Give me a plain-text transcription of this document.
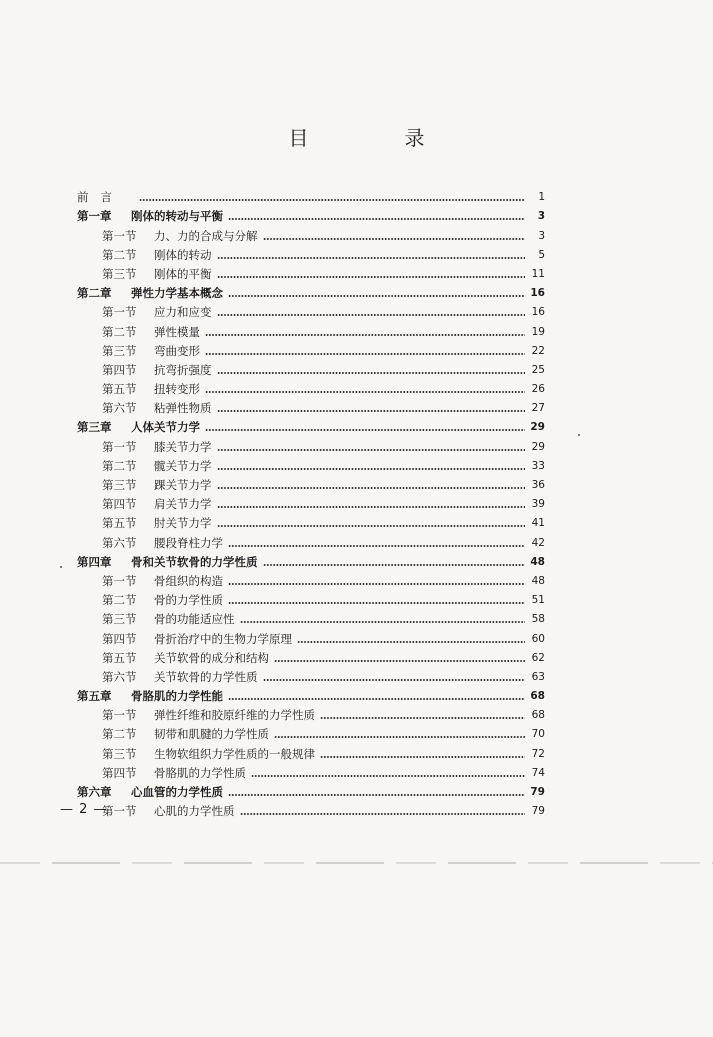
目　录
前言	1
第一章	刚体的转动与平衡	3
第一节	力、力的合成与分解	3
第二节	刚体的转动	5
第三节	刚体的平衡	11
第二章	弹性力学基本概念	16
第一节	应力和应变	16
第二节	弹性模量	19
第三节	弯曲变形	22
第四节	抗弯折强度	25
第五节	扭转变形	26
第六节	粘弹性物质	27
第三章	人体关节力学	29
第一节	膝关节力学	29
第二节	髋关节力学	33
第三节	踝关节力学	36
第四节	肩关节力学	39
第五节	肘关节力学	41
第六节	腰段脊柱力学	42
第四章	骨和关节软骨的力学性质	48
第一节	骨组织的构造	48
第二节	骨的力学性质	51
第三节	骨的功能适应性	58
第四节	骨折治疗中的生物力学原理	60
第五节	关节软骨的成分和结构	62
第六节	关节软骨的力学性质	63
第五章	骨胳肌的力学性能	68
第一节	弹性纤维和胶原纤维的力学性质	68
第二节	韧带和肌腱的力学性质	70
第三节	生物软组织力学性质的一般规律	72
第四节	骨胳肌的力学性质	74
第六章	心血管的力学性质	79
第一节	心肌的力学性质	79
— 2 —
